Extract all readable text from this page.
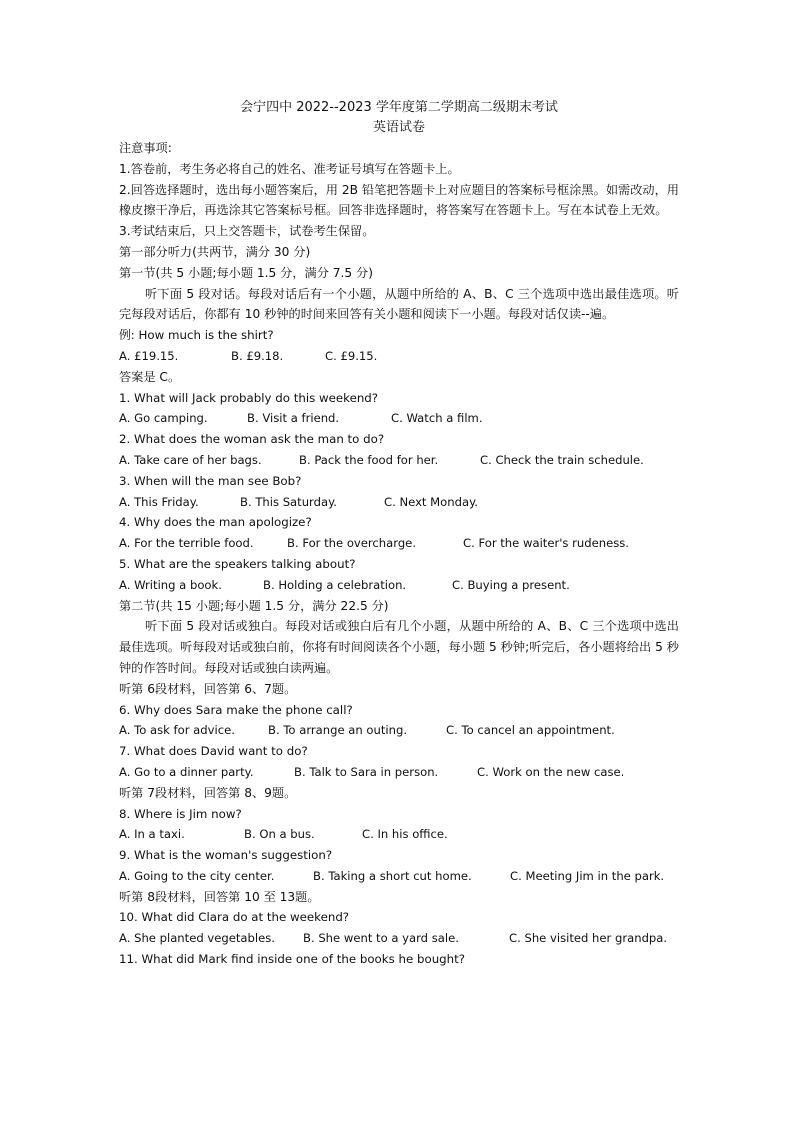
会宁四中 2022--2023 学年度第二学期高二级期末考试
英语试卷
注意事项:
1.答卷前，考生务必将自己的姓名、准考证号填写在答题卡上。
2.回答选择题时，选出每小题答案后，用 2B 铅笔把答题卡上对应题目的答案标号框涂黑。如需改动，用橡皮擦干净后，再选涂其它答案标号框。回答非选择题时，将答案写在答题卡上。写在本试卷上无效。
3.考试结束后，只上交答题卡，试卷考生保留。
第一部分听力(共两节，满分 30 分)
第一节(共 5 小题;每小题 1.5 分，满分 7.5 分)
听下面 5 段对话。每段对话后有一个小题，从题中所给的 A、B、C 三个选项中选出最佳选项。听完每段对话后，你都有 10 秒钟的时间来回答有关小题和阅读下一小题。每段对话仅读--遍。
例: How much is the shirt?
A. £19.15.	B. £9.18.	C. £9.15.
答案是 C。
1. What will Jack probably do this weekend?
A. Go camping.	B. Visit a friend.	C. Watch a film.
2. What does the woman ask the man to do?
A. Take care of her bags.	B. Pack the food for her.	C. Check the train schedule.
3. When will the man see Bob?
A. This Friday.	B. This Saturday.	C. Next Monday.
4. Why does the man apologize?
A. For the terrible food.	B. For the overcharge.	C. For the waiter's rudeness.
5. What are the speakers talking about?
A. Writing a book.	B. Holding a celebration.	C. Buying a present.
第二节(共 15 小题;每小题 1.5 分，满分 22.5 分)
听下面 5 段对话或独白。每段对话或独白后有几个小题，从题中所给的 A、B、C 三个选项中选出最佳选项。听每段对话或独白前，你将有时间阅读各个小题，每小题 5 秒钟;听完后，各小题将给出 5 秒钟的作答时间。每段对话或独白读两遍。
听第 6段材料，回答第 6、7题。
6. Why does Sara make the phone call?
A. To ask for advice.	B. To arrange an outing.	C. To cancel an appointment.
7. What does David want to do?
A. Go to a dinner party.	B. Talk to Sara in person.	C. Work on the new case.
听第 7段材料，回答第 8、9题。
8. Where is Jim now?
A. In a taxi.	B. On a bus.	C. In his office.
9. What is the woman's suggestion?
A. Going to the city center.	B. Taking a short cut home.	C. Meeting Jim in the park.
听第 8段材料，回答第 10 至 13题。
10. What did Clara do at the weekend?
A. She planted vegetables.	B. She went to a yard sale.	C. She visited her grandpa.
11. What did Mark find inside one of the books he bought?
